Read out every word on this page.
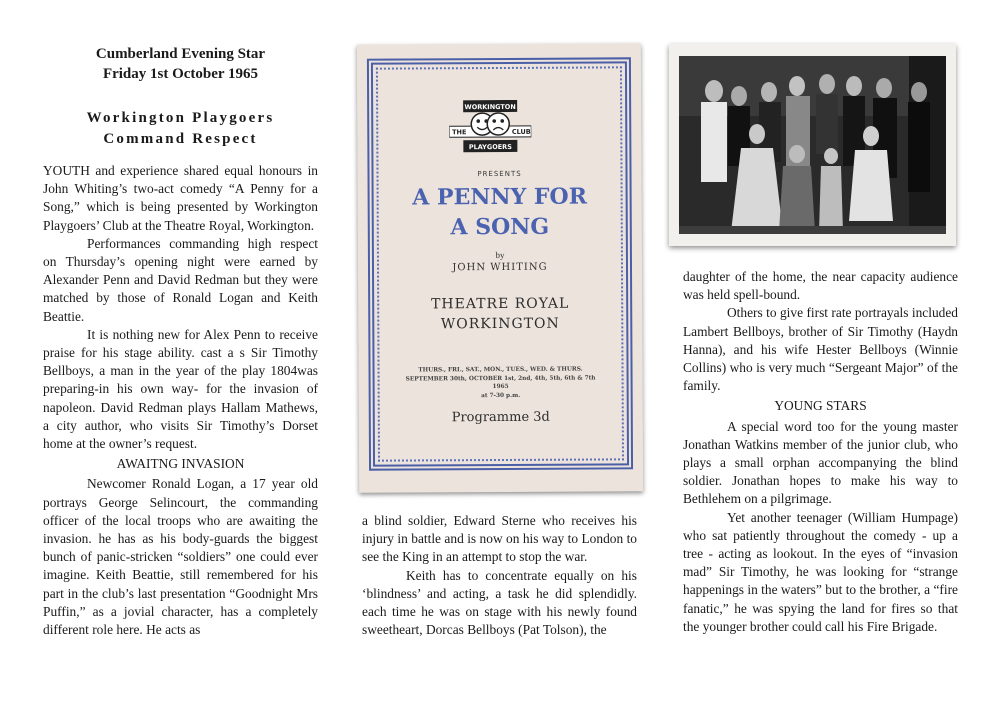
Cumberland Evening Star
Friday 1st October 1965
Workington Playgoers
Command Respect

YOUTH and experience shared equal honours in John Whiting’s two-act comedy “A Penny for a Song,” which is being presented by Workington Playgoers’ Club at the Theatre Royal, Workington.

Performances commanding high respect on Thursday’s opening night were earned by Alexander Penn and David Redman but they were matched by those of Ronald Logan and Keith Beattie.

It is nothing new for Alex Penn to receive praise for his stage ability. cast a s Sir Timothy Bellboys, a man in the year of the play 1804was preparing-in his own way- for the invasion of napoleon. David Redman plays Hallam Mathews, a city author, who visits Sir Timothy’s Dorset home at the owner’s request.

AWAITNG INVASION

Newcomer Ronald Logan, a 17 year old portrays George Selincourt, the commanding officer of the local troops who are awaiting the invasion. he has as his body-guards the biggest bunch of panic-stricken “soldiers” one could ever imagine. Keith Beattie, still remembered for his part in the club’s last presentation “Goodnight Mrs Puffin,” as a jovial character, has a completely different role here. He acts as

WORKINGTON
THE	CLUB
PLAYGOERS
PRESENTS
A PENNY FOR
A SONG
by
JOHN WHITING
THEATRE ROYAL
WORKINGTON
THURS., FRI., SAT., MON., TUES., WED. & THURS.
SEPTEMBER 30th, OCTOBER 1st, 2nd, 4th, 5th, 6th & 7th
1965
at 7-30 p.m.
Programme 3d

a blind soldier, Edward Sterne who receives his injury in battle and is now on his way to London to see the King in an attempt to stop the war.

Keith has to concentrate equally on his ‘blindness’ and acting, a task he did splendidly. each time he was on stage with his newly found sweetheart, Dorcas Bellboys (Pat Tolson), the

daughter of the home, the near capacity audience was held spell-bound.

Others to give first rate portrayals included Lambert Bellboys, brother of Sir Timothy (Haydn Hanna), and his wife Hester Bellboys (Winnie Collins) who is very much “Sergeant Major” of the family.

YOUNG STARS

A special word too for the young master Jonathan Watkins member of the junior club, who plays a small orphan accompanying the blind soldier. Jonathan hopes to make his way to Bethlehem on a pilgrimage.

Yet another teenager (William Humpage) who sat patiently throughout the comedy - up a tree - acting as lookout. In the eyes of “invasion mad” Sir Timothy, he was looking for “strange happenings in the waters” but to the brother, a “fire fanatic,” he was spying the land for fires so that the younger brother could call his Fire Brigade.
